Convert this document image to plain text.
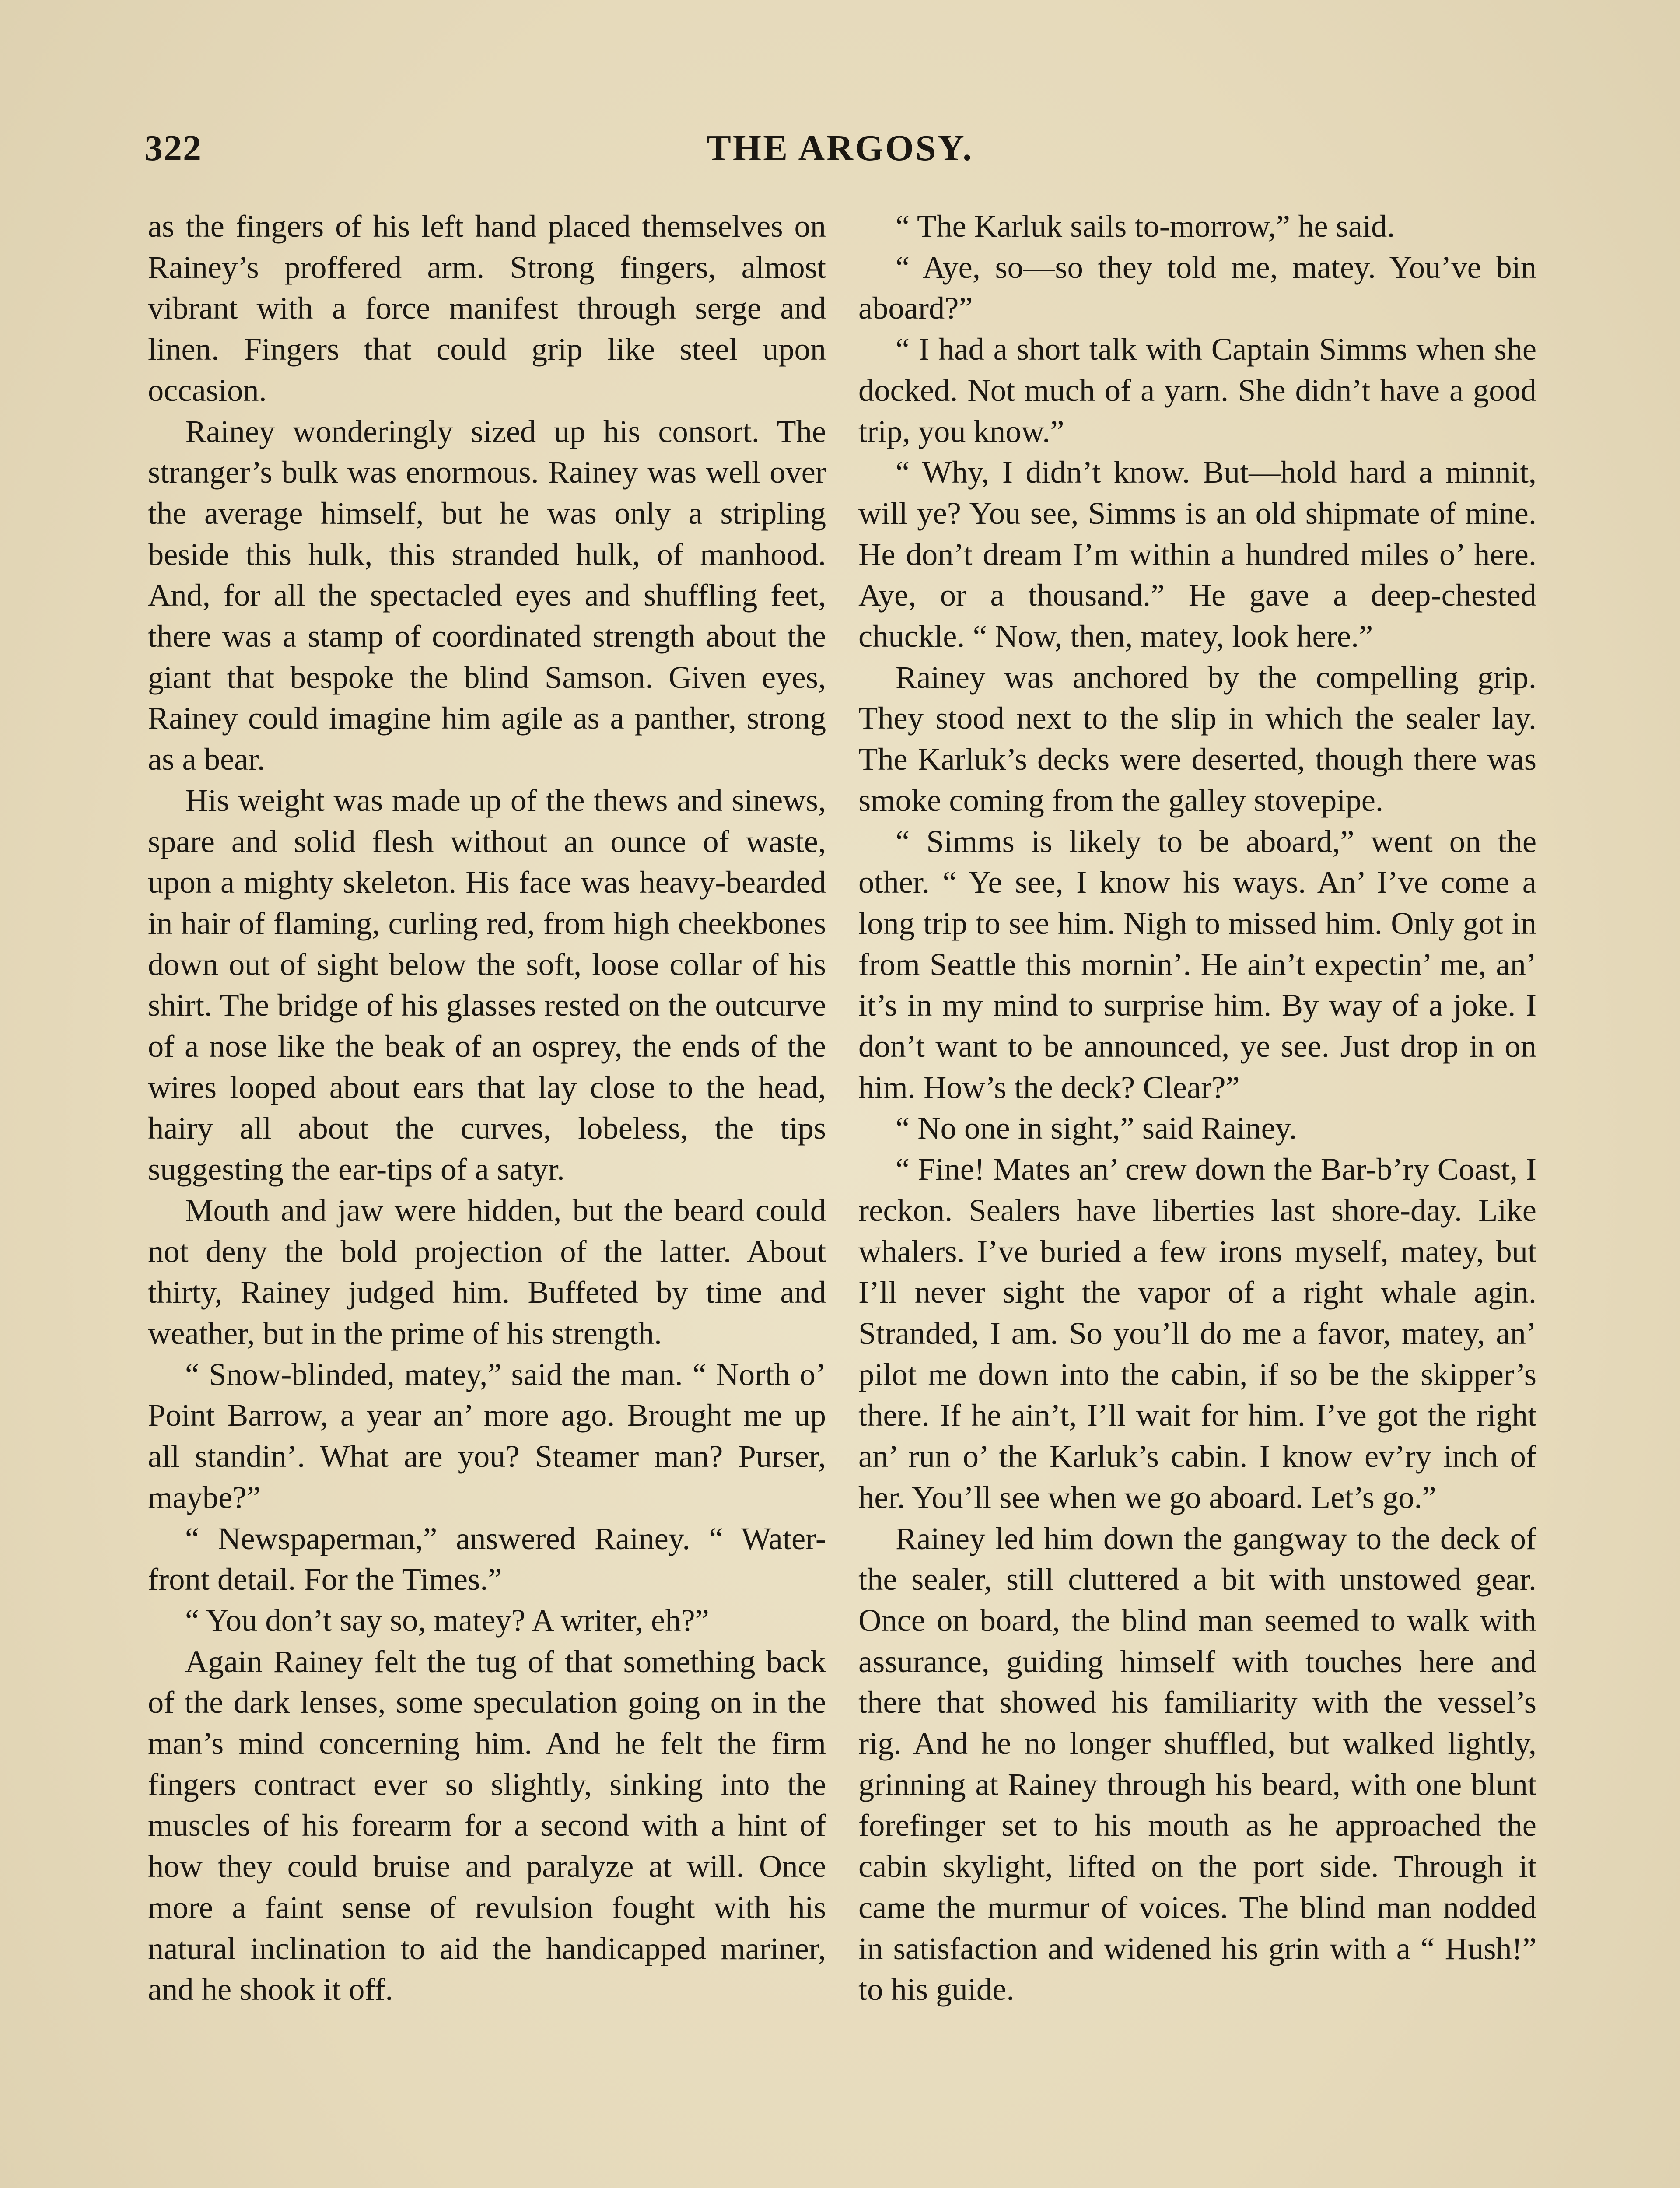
THE ARGOSY.
322

as the fingers of his left hand placed themselves on Rainey’s proffered arm. Strong fingers, almost vibrant with a force manifest through serge and linen. Fingers that could grip like steel upon occasion.

Rainey wonderingly sized up his consort. The stranger’s bulk was enormous. Rainey was well over the average himself, but he was only a stripling beside this hulk, this stranded hulk, of manhood. And, for all the spectacled eyes and shuffling feet, there was a stamp of coordinated strength about the giant that bespoke the blind Samson. Given eyes, Rainey could imagine him agile as a panther, strong as a bear.

His weight was made up of the thews and sinews, spare and solid flesh without an ounce of waste, upon a mighty skeleton. His face was heavy-bearded in hair of flaming, curling red, from high cheekbones down out of sight below the soft, loose collar of his shirt. The bridge of his glasses rested on the outcurve of a nose like the beak of an osprey, the ends of the wires looped about ears that lay close to the head, hairy all about the curves, lobeless, the tips suggesting the ear-tips of a satyr.

Mouth and jaw were hidden, but the beard could not deny the bold projection of the latter. About thirty, Rainey judged him. Buffeted by time and weather, but in the prime of his strength.

“ Snow-blinded, matey,” said the man. “ North o’ Point Barrow, a year an’ more ago. Brought me up all standin’. What are you? Steamer man? Purser, maybe?”

“ Newspaperman,” answered Rainey. “ Water-front detail. For the Times.”

“ You don’t say so, matey? A writer, eh?”

Again Rainey felt the tug of that something back of the dark lenses, some speculation going on in the man’s mind concerning him. And he felt the firm fingers contract ever so slightly, sinking into the muscles of his forearm for a second with a hint of how they could bruise and paralyze at will. Once more a faint sense of revulsion fought with his natural inclination to aid the handicapped mariner, and he shook it off.

“ The Karluk sails to-morrow,” he said.

“ Aye, so—so they told me, matey. You’ve bin aboard?”

“ I had a short talk with Captain Simms when she docked. Not much of a yarn. She didn’t have a good trip, you know.”

“ Why, I didn’t know. But—hold hard a minnit, will ye? You see, Simms is an old shipmate of mine. He don’t dream I’m within a hundred miles o’ here. Aye, or a thousand.” He gave a deep-chested chuckle. “ Now, then, matey, look here.”

Rainey was anchored by the compelling grip. They stood next to the slip in which the sealer lay. The Karluk’s decks were deserted, though there was smoke coming from the galley stovepipe.

“ Simms is likely to be aboard,” went on the other. “ Ye see, I know his ways. An’ I’ve come a long trip to see him. Nigh to missed him. Only got in from Seattle this mornin’. He ain’t expectin’ me, an’ it’s in my mind to surprise him. By way of a joke. I don’t want to be announced, ye see. Just drop in on him. How’s the deck? Clear?”

“ No one in sight,” said Rainey.

“ Fine! Mates an’ crew down the Bar-b’ry Coast, I reckon. Sealers have liberties last shore-day. Like whalers. I’ve buried a few irons myself, matey, but I’ll never sight the vapor of a right whale agin. Stranded, I am. So you’ll do me a favor, matey, an’ pilot me down into the cabin, if so be the skipper’s there. If he ain’t, I’ll wait for him. I’ve got the right an’ run o’ the Karluk’s cabin. I know ev’ry inch of her. You’ll see when we go aboard. Let’s go.”

Rainey led him down the gangway to the deck of the sealer, still cluttered a bit with unstowed gear. Once on board, the blind man seemed to walk with assurance, guiding himself with touches here and there that showed his familiarity with the vessel’s rig. And he no longer shuffled, but walked lightly, grinning at Rainey through his beard, with one blunt forefinger set to his mouth as he approached the cabin skylight, lifted on the port side. Through it came the murmur of voices. The blind man nodded in satisfaction and widened his grin with a “ Hush!” to his guide.
